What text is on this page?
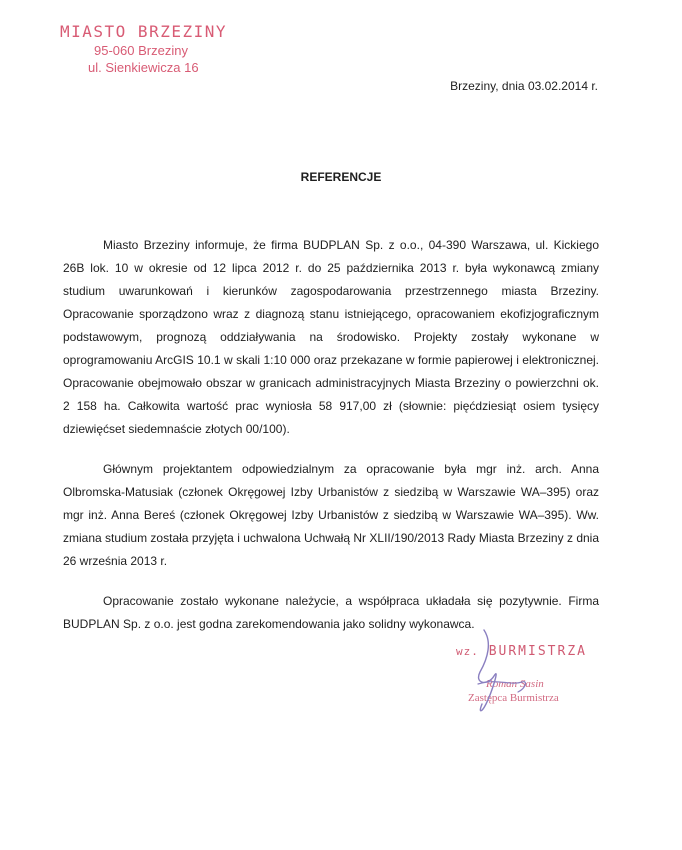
MIASTO BRZEZINY
95-060 Brzeziny
ul. Sienkiewicza 16
Brzeziny, dnia 03.02.2014 r.
REFERENCJE

Miasto Brzeziny informuje, że firma BUDPLAN Sp. z o.o., 04-390 Warszawa, ul. Kickiego 26B lok. 10 w okresie od 12 lipca 2012 r. do 25 października 2013 r. była wykonawcą zmiany studium uwarunkowań i kierunków zagospodarowania przestrzennego miasta Brzeziny. Opracowanie sporządzono wraz z diagnozą stanu istniejącego, opracowaniem ekofizjograficznym podstawowym, prognozą oddziaływania na środowisko. Projekty zostały wykonane w oprogramowaniu ArcGIS 10.1 w skali 1:10 000 oraz przekazane w formie papierowej i elektronicznej. Opracowanie obejmowało obszar w granicach administracyjnych Miasta Brzeziny o powierzchni ok. 2 158 ha. Całkowita wartość prac wyniosła 58 917,00 zł (słownie: pięćdziesiąt osiem tysięcy dziewięćset siedemnaście złotych 00/100).

Głównym projektantem odpowiedzialnym za opracowanie była mgr inż. arch. Anna Olbromska-Matusiak (członek Okręgowej Izby Urbanistów z siedzibą w Warszawie WA–395) oraz mgr inż. Anna Bereś (członek Okręgowej Izby Urbanistów z siedzibą w Warszawie WA–395). Ww. zmiana studium została przyjęta i uchwalona Uchwałą Nr XLII/190/2013 Rady Miasta Brzeziny z dnia 26 września 2013 r.

Opracowanie zostało wykonane należycie, a współpraca układała się pozytywnie. Firma BUDPLAN Sp. z o.o. jest godna zarekomendowania jako solidny wykonawca.

wz. BURMISTRZA
Roman Sasin
Zastępca Burmistrza
